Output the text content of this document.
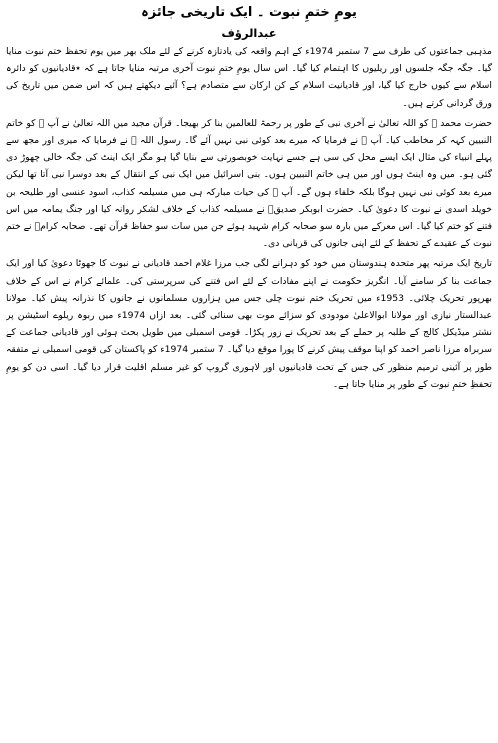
یومِ ختمِ نبوت ۔ ایک تاریخی جائزہ
عبدالرؤف

مذہبی جماعتوں کی طرف سے 7 ستمبر 1974ء کے اہم واقعہ کی یادتازہ کرنے کے لئے ملک بھر میں یوم تحفظ ختم نبوت منایا گیا۔ جگہ جگہ جلسوں اور ریلیوں کا اہتمام کیا گیا۔ اس سال یومِ ختمِ نبوت آخری مرتبہ منایا جاتا ہے کہ ٭قادیانیوں کو دائرہ اسلام سے کیوں خارج کیا گیا، اور قادیانیت اسلام کے کن ارکان سے متصادم ہے؟ آئیے دیکھتے ہیں کہ اس ضمن میں تاریخ کی ورق گردانی کرتے ہیں۔

حضرت محمد ﷺ کو اللہ تعالیٰ نے آخری نبی کے طور پر رحمۃ للعالمین بنا کر بھیجا۔ قرآن مجید میں اللہ تعالیٰ نے آپ ﷺ کو خاتم النبیین کہہ کر مخاطب کیا۔ آپ ﷺ نے فرمایا کہ میرے بعد کوئی نبی نہیں آئے گا۔ رسول اللہ ﷺ نے فرمایا کہ میری اور مجھ سے پہلے انبیاء کی مثال ایک ایسے محل کی سی ہے جسے نہایت خوبصورتی سے بنایا گیا ہو مگر ایک اینٹ کی جگہ خالی چھوڑ دی گئی ہو۔ میں وہ اینٹ ہوں اور میں ہی خاتم النبیین ہوں۔ بنی اسرائیل میں ایک نبی کے انتقال کے بعد دوسرا نبی آتا تھا لیکن میرے بعد کوئی نبی نہیں ہوگا بلکہ خلفاء ہوں گے۔ آپ ﷺ کی حیات مبارکہ ہی میں مسیلمہ کذاب، اسود عنسی اور طلیحہ بن خویلد اسدی نے نبوت کا دعویٰ کیا۔ حضرت ابوبکر صدیقؓ نے مسیلمہ کذاب کے خلاف لشکر روانہ کیا اور جنگ یمامہ میں اس فتنے کو ختم کیا گیا۔ اس معرکے میں بارہ سو صحابہ کرام شہید ہوئے جن میں سات سو حفاظ قرآن تھے۔ صحابہ کرامؓ نے ختم نبوت کے عقیدے کے تحفظ کے لئے اپنی جانوں کی قربانی دی۔

تاریخ ایک مرتبہ پھر متحدہ ہندوستان میں خود کو دہرانے لگی جب مرزا غلام احمد قادیانی نے نبوت کا جھوٹا دعویٰ کیا اور ایک جماعت بنا کر سامنے آیا۔ انگریز حکومت نے اپنے مفادات کے لئے اس فتنے کی سرپرستی کی۔ علمائے کرام نے اس کے خلاف بھرپور تحریک چلائی۔ 1953ء میں تحریک ختم نبوت چلی جس میں ہزاروں مسلمانوں نے جانوں کا نذرانہ پیش کیا۔ مولانا عبدالستار نیازی اور مولانا ابوالاعلیٰ مودودی کو سزائے موت بھی سنائی گئی۔ بعد ازاں 1974ء میں ربوہ ریلوے اسٹیشن پر نشتر میڈیکل کالج کے طلبہ پر حملے کے بعد تحریک نے زور پکڑا۔ قومی اسمبلی میں طویل بحث ہوئی اور قادیانی جماعت کے سربراہ مرزا ناصر احمد کو اپنا موقف پیش کرنے کا پورا موقع دیا گیا۔ 7 ستمبر 1974ء کو پاکستان کی قومی اسمبلی نے متفقہ طور پر آئینی ترمیم منظور کی جس کے تحت قادیانیوں اور لاہوری گروپ کو غیر مسلم اقلیت قرار دیا گیا۔ اسی دن کو یومِ تحفظِ ختمِ نبوت کے طور پر منایا جاتا ہے۔
